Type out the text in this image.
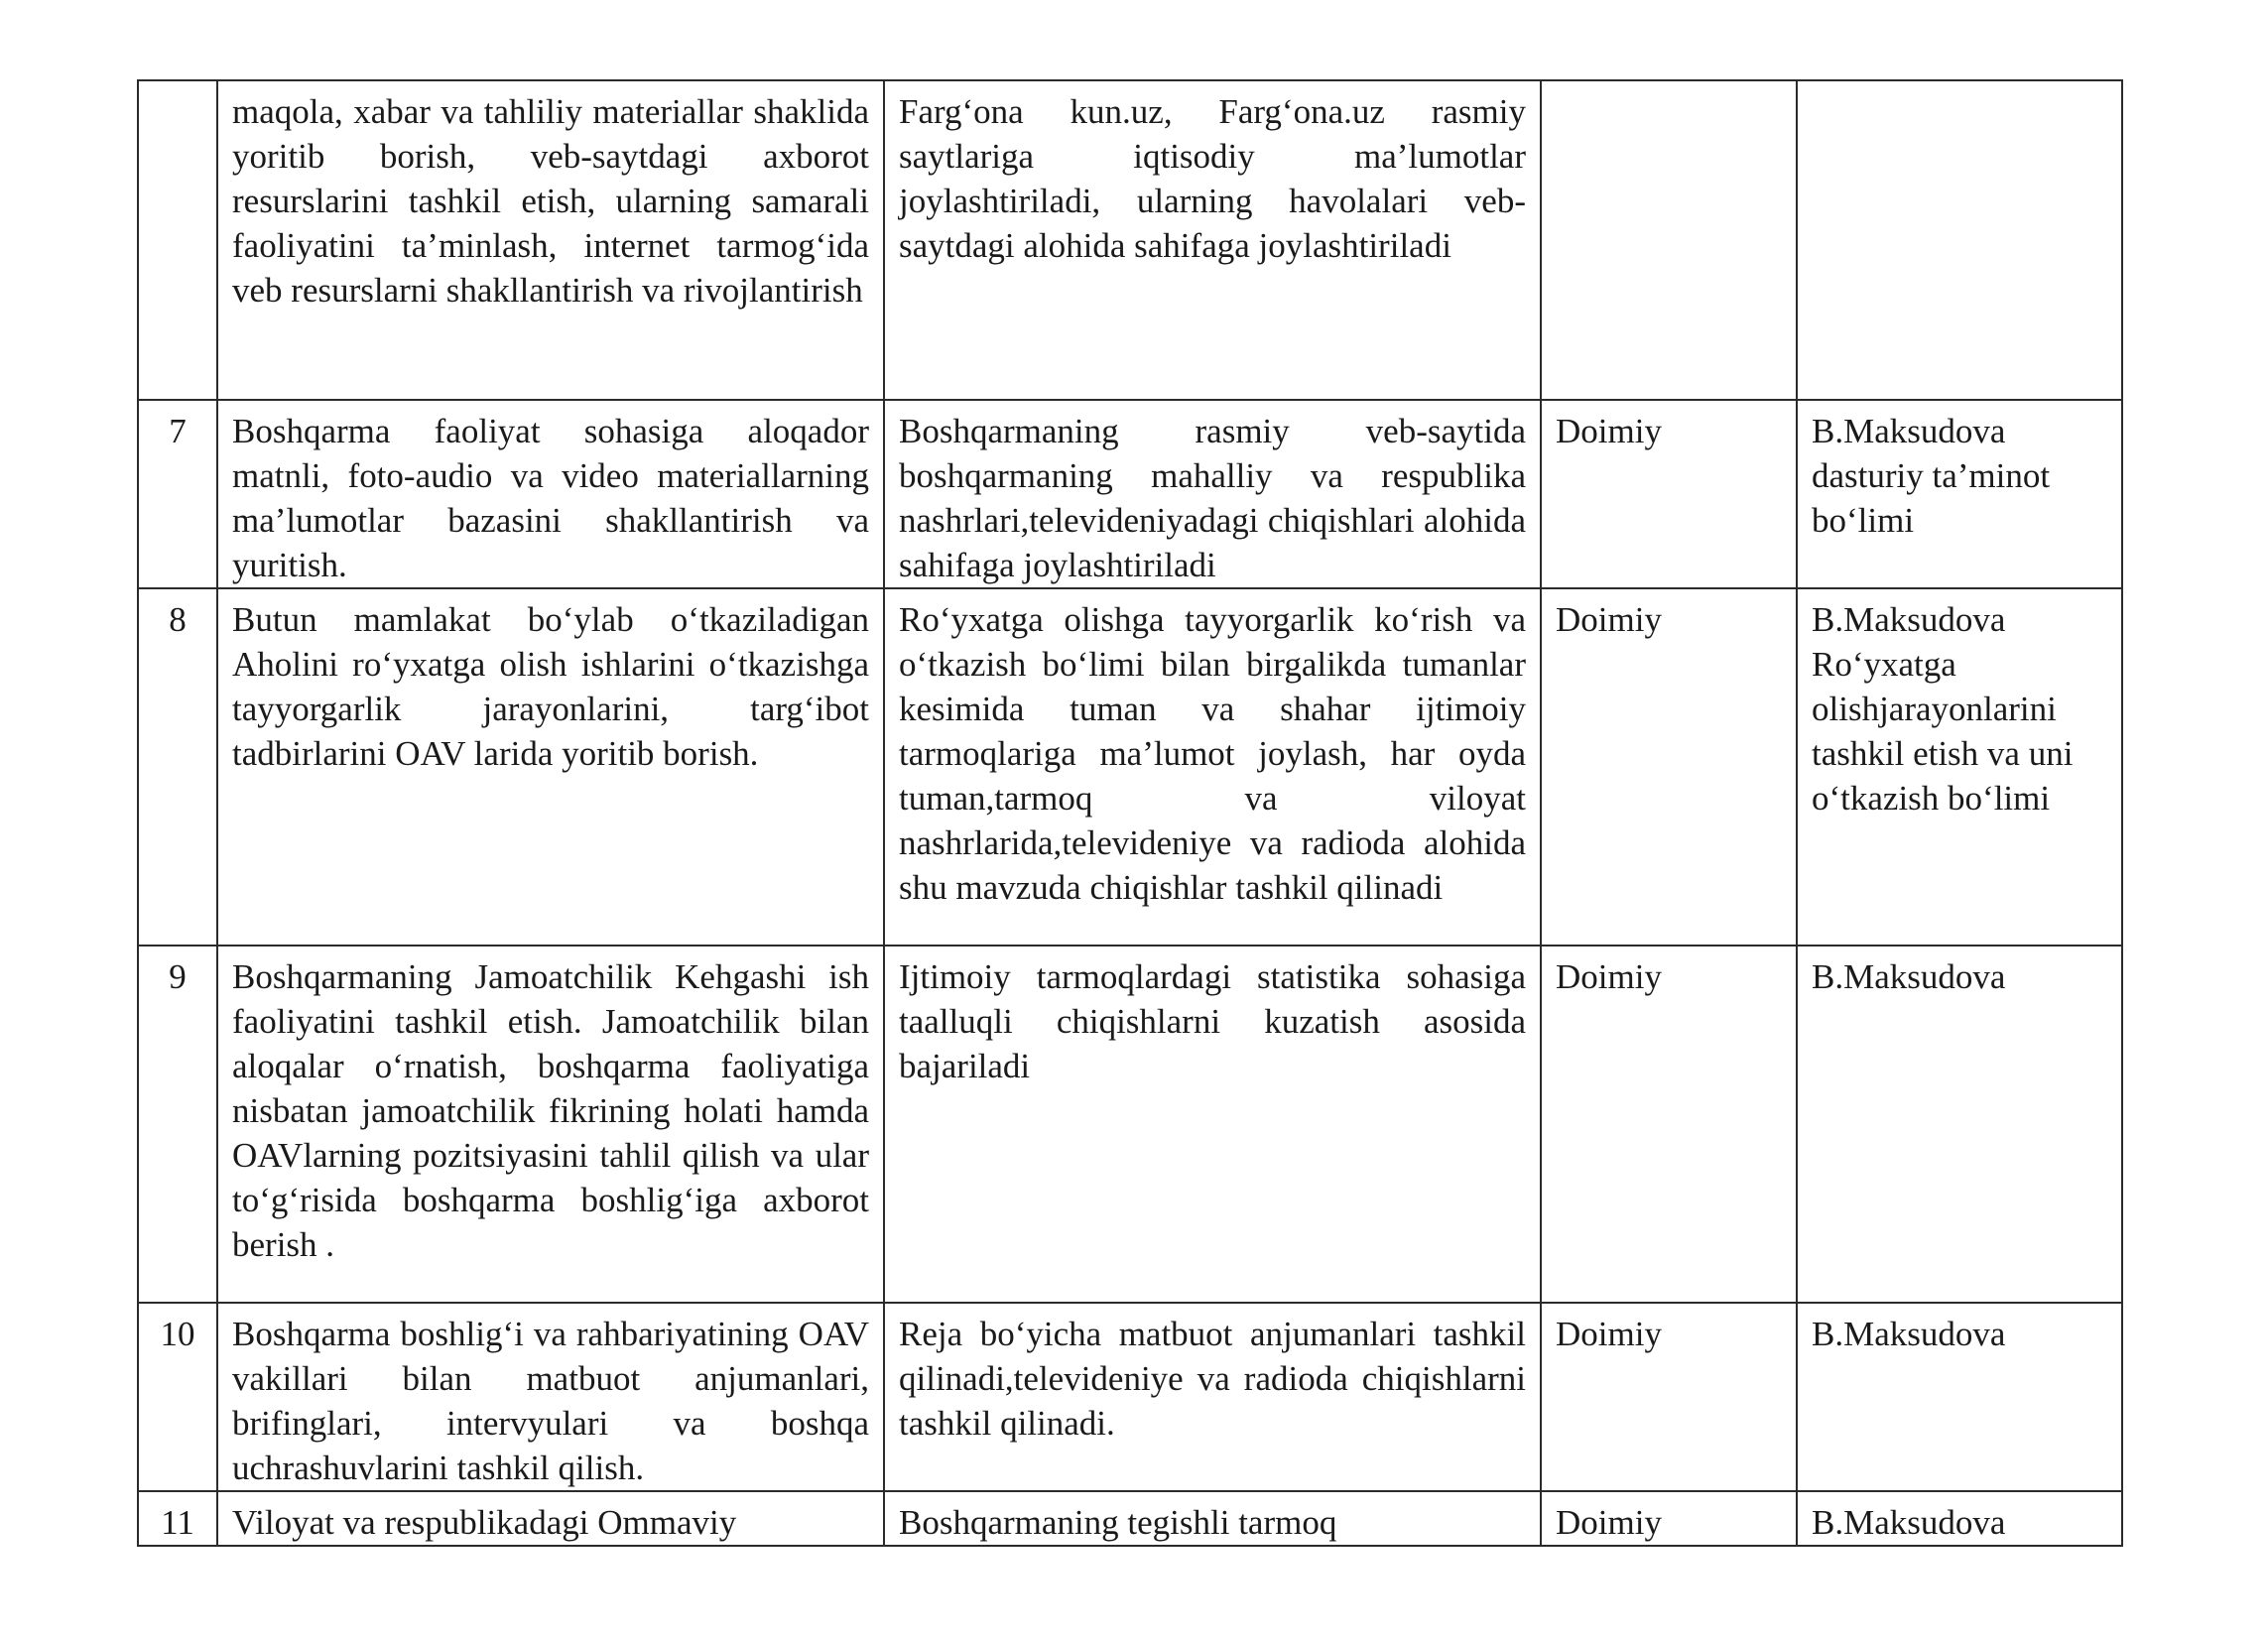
	maqola, xabar va tahliliy materiallar shaklida yoritib borish, veb-saytdagi axborot resurslarini tashkil etish, ularning samarali faoliyatini ta’minlash, internet tarmog‘ida veb resurslarni shakllantirish va rivojlantirish	Farg‘ona kun.uz, Farg‘ona.uz rasmiy saytlariga iqtisodiy ma’lumotlar joylashtiriladi, ularning havolalari veb-saytdagi alohida sahifaga joylashtiriladi		
7	Boshqarma faoliyat sohasiga aloqador matnli, foto-audio va video materiallarning ma’lumotlar bazasini shakllantirish va yuritish.	Boshqarmaning rasmiy veb-saytida boshqarmaning mahalliy va respublika nashrlari,televideniyadagi chiqishlari alohida sahifaga joylashtiriladi	Doimiy	B.Maksudova dasturiy ta’minot bo‘limi
8	Butun mamlakat bo‘ylab o‘tkaziladigan Aholini ro‘yxatga olish ishlarini o‘tkazishga tayyorgarlik jarayonlarini, targ‘ibot tadbirlarini OAV larida yoritib borish.	Ro‘yxatga olishga tayyorgarlik ko‘rish va o‘tkazish bo‘limi bilan birgalikda tumanlar kesimida tuman va shahar ijtimoiy tarmoqlariga ma’lumot joylash, har oyda tuman,tarmoq va viloyat nashrlarida,televideniye va radioda alohida shu mavzuda chiqishlar tashkil qilinadi	Doimiy	B.Maksudova Ro‘yxatga olishjarayonlarini tashkil etish va uni o‘tkazish bo‘limi
9	Boshqarmaning Jamoatchilik Kehgashi ish faoliyatini tashkil etish. Jamoatchilik bilan aloqalar o‘rnatish, boshqarma faoliyatiga nisbatan jamoatchilik fikrining holati hamda OAVlarning pozitsiyasini tahlil qilish va ular to‘g‘risida boshqarma boshlig‘iga axborot berish .	Ijtimoiy tarmoqlardagi statistika sohasiga taalluqli chiqishlarni kuzatish asosida bajariladi	Doimiy	B.Maksudova
10	Boshqarma boshlig‘i va rahbariyatining OAV vakillari bilan matbuot anjumanlari, brifinglari, intervyulari va boshqa uchrashuvlarini tashkil qilish.	Reja bo‘yicha matbuot anjumanlari tashkil qilinadi,televideniye va radioda chiqishlarni tashkil qilinadi.	Doimiy	B.Maksudova
11	Viloyat va respublikadagi Ommaviy	Boshqarmaning tegishli tarmoq	Doimiy	B.Maksudova
